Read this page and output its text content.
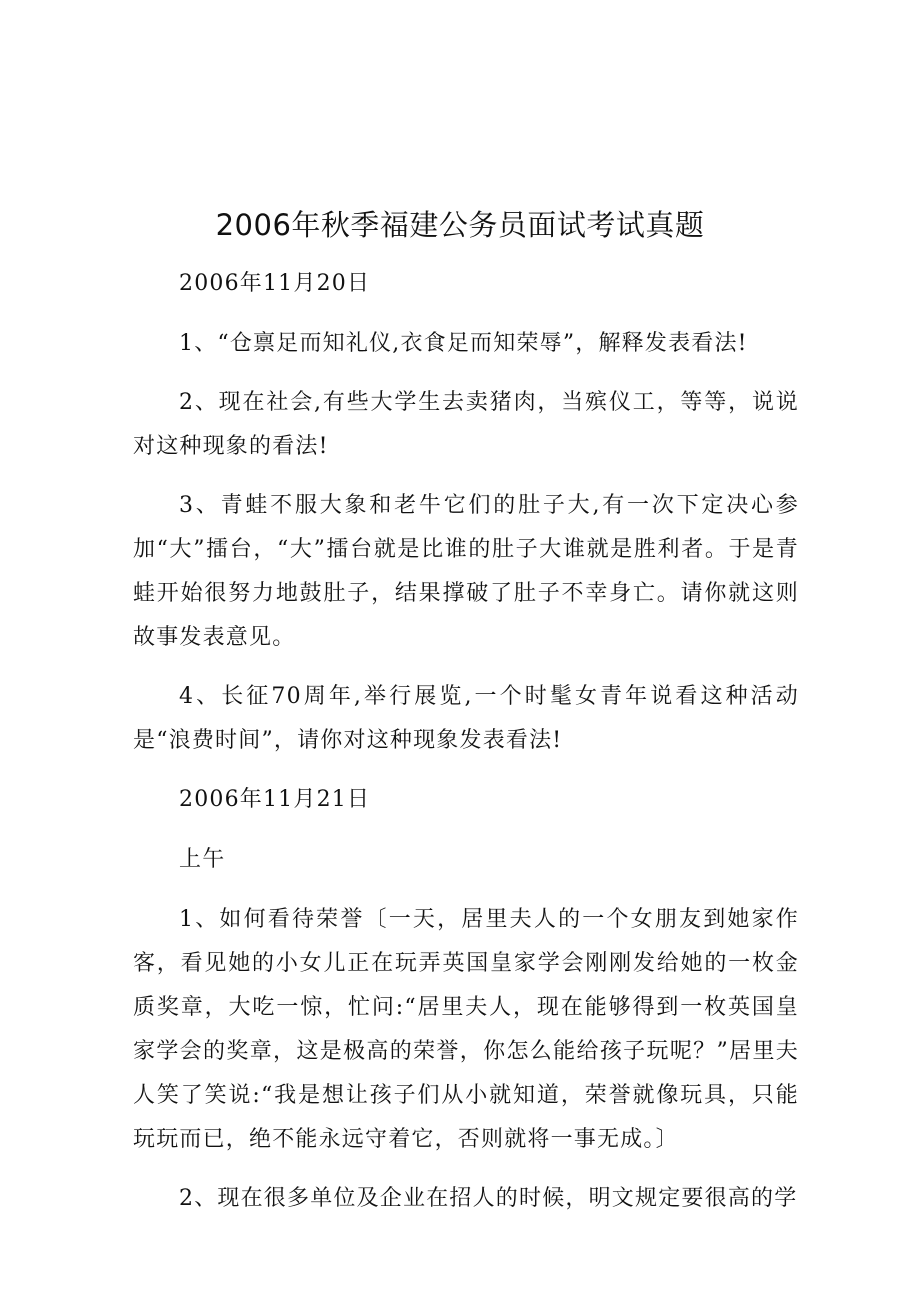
2006年秋季福建公务员面试考试真题

2006年11月20日

1、“仓禀足而知礼仪,衣食足而知荣辱”，解释发表看法!

2、现在社会,有些大学生去卖猪肉，当殡仪工，等等，说说对这种现象的看法!

3、青蛙不服大象和老牛它们的肚子大,有一次下定决心参加“大”擂台，“大”擂台就是比谁的肚子大谁就是胜利者。于是青蛙开始很努力地鼓肚子，结果撑破了肚子不幸身亡。请你就这则故事发表意见。

4、长征70周年,举行展览,一个时髦女青年说看这种活动是“浪费时间”，请你对这种现象发表看法!

2006年11月21日

上午

1、如何看待荣誉〔一天，居里夫人的一个女朋友到她家作客，看见她的小女儿正在玩弄英国皇家学会刚刚发给她的一枚金质奖章，大吃一惊，忙问:“居里夫人，现在能够得到一枚英国皇家学会的奖章，这是极高的荣誉，你怎么能给孩子玩呢？”居里夫人笑了笑说:“我是想让孩子们从小就知道，荣誉就像玩具，只能玩玩而已，绝不能永远守着它，否则就将一事无成。〕

2、现在很多单位及企业在招人的时候，明文规定要很高的学
